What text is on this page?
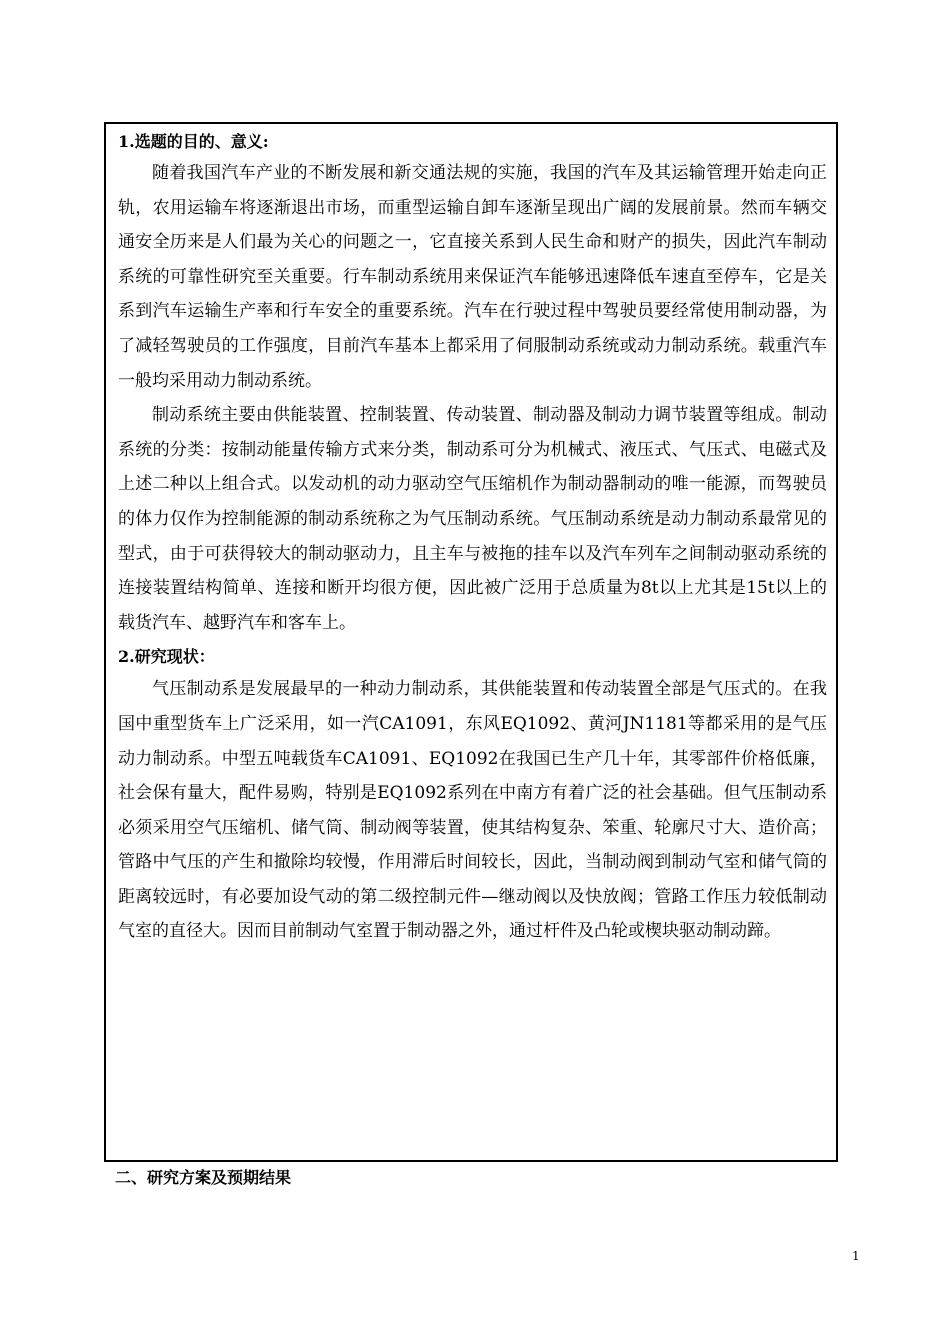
1.选题的目的、意义:

随着我国汽车产业的不断发展和新交通法规的实施，我国的汽车及其运输管理开始走向正轨，农用运输车将逐渐退出市场，而重型运输自卸车逐渐呈现出广阔的发展前景。然而车辆交通安全历来是人们最为关心的问题之一，它直接关系到人民生命和财产的损失，因此汽车制动系统的可靠性研究至关重要。行车制动系统用来保证汽车能够迅速降低车速直至停车，它是关系到汽车运输生产率和行车安全的重要系统。汽车在行驶过程中驾驶员要经常使用制动器，为了减轻驾驶员的工作强度，目前汽车基本上都采用了伺服制动系统或动力制动系统。载重汽车一般均采用动力制动系统。

制动系统主要由供能装置、控制装置、传动装置、制动器及制动力调节装置等组成。制动系统的分类：按制动能量传输方式来分类，制动系可分为机械式、液压式、气压式、电磁式及上述二种以上组合式。以发动机的动力驱动空气压缩机作为制动器制动的唯一能源，而驾驶员的体力仅作为控制能源的制动系统称之为气压制动系统。气压制动系统是动力制动系最常见的型式，由于可获得较大的制动驱动力，且主车与被拖的挂车以及汽车列车之间制动驱动系统的连接装置结构简单、连接和断开均很方便，因此被广泛用于总质量为8t以上尤其是15t以上的载货汽车、越野汽车和客车上。

2.研究现状：

气压制动系是发展最早的一种动力制动系，其供能装置和传动装置全部是气压式的。在我国中重型货车上广泛采用，如一汽CA1091，东风EQ1092、黄河JN1181等都采用的是气压动力制动系。中型五吨载货车CA1091、EQ1092在我国已生产几十年，其零部件价格低廉，社会保有量大，配件易购，特别是EQ1092系列在中南方有着广泛的社会基础。但气压制动系必须采用空气压缩机、储气筒、制动阀等装置，使其结构复杂、笨重、轮廓尺寸大、造价高；管路中气压的产生和撤除均较慢，作用滞后时间较长，因此，当制动阀到制动气室和储气筒的距离较远时，有必要加设气动的第二级控制元件—继动阀以及快放阀；管路工作压力较低制动气室的直径大。因而目前制动气室置于制动器之外，通过杆件及凸轮或楔块驱动制动蹄。

二、研究方案及预期结果
1
